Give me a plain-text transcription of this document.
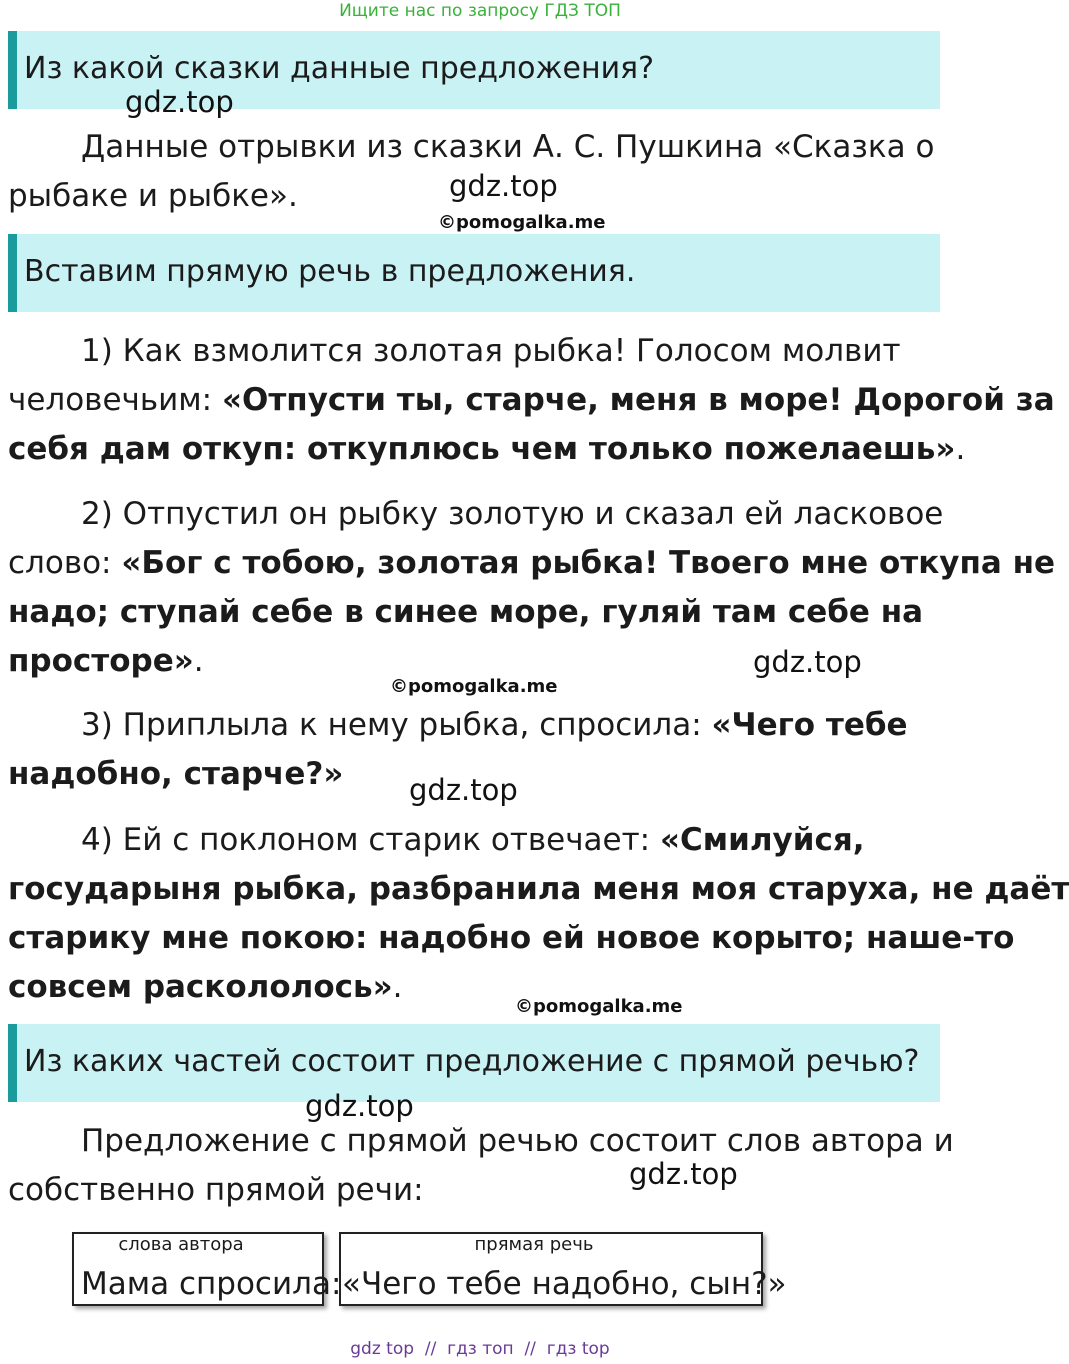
Ищите нас по запросу ГДЗ ТОП
Из какой сказки данные предложения?
gdz.top
Данные отрывки из сказки А. С. Пушкина «Сказка о
рыбаке и рыбке».	gdz.top
©pomogalka.me
Вставим прямую речь в предложения.
1) Как взмолится золотая рыбка! Голосом молвит
человечьим: «Отпусти ты, старче, меня в море! Дорогой за
себя дам откуп: откуплюсь чем только пожелаешь».
2) Отпустил он рыбку золотую и сказал ей ласковое
слово: «Бог с тобою, золотая рыбка! Твоего мне откупа не
надо; ступай себе в синее море, гуляй там себе на
просторе».	gdz.top
©pomogalka.me
3) Приплыла к нему рыбка, спросила: «Чего тебе
надобно, старче?» gdz.top
4) Ей с поклоном старик отвечает: «Смилуйся,
государыня рыбка, разбранила меня моя старуха, не даёт
старику мне покою: надобно ей новое корыто; наше-то
совсем раскололось».
©pomogalka.me
Из каких частей состоит предложение с прямой речью?
gdz.top
Предложение с прямой речью состоит слов автора и
собственно прямой речи:	gdz.top
слова автора
Мама спросила:
прямая речь
«Чего тебе надобно, сын?»
gdz top  //  гдз топ  //  гдз top
